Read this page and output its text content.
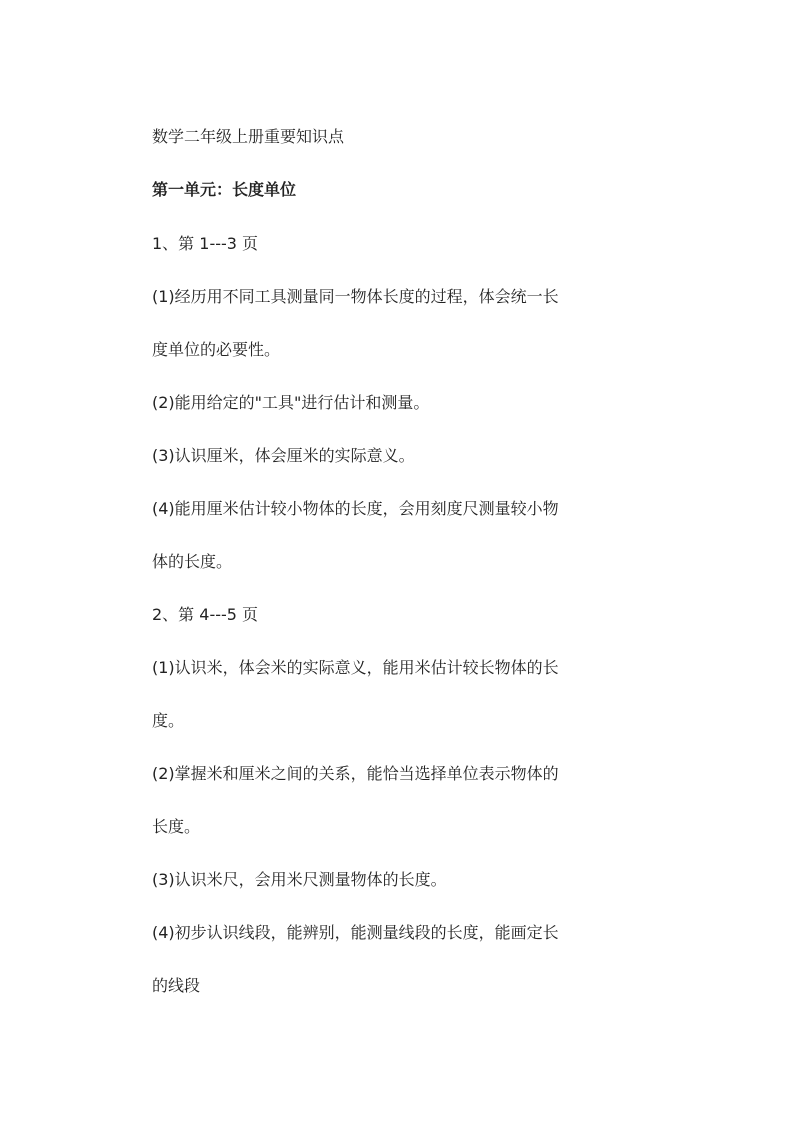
数学二年级上册重要知识点
第一单元：长度单位
1、第 1---3 页
(1)经历用不同工具测量同一物体长度的过程，体会统一长
度单位的必要性。
(2)能用给定的"工具"进行估计和测量。
(3)认识厘米，体会厘米的实际意义。
(4)能用厘米估计较小物体的长度，会用刻度尺测量较小物
体的长度。
2、第 4---5 页
(1)认识米，体会米的实际意义，能用米估计较长物体的长
度。
(2)掌握米和厘米之间的关系，能恰当选择单位表示物体的
长度。
(3)认识米尺，会用米尺测量物体的长度。
(4)初步认识线段，能辨别，能测量线段的长度，能画定长
的线段
